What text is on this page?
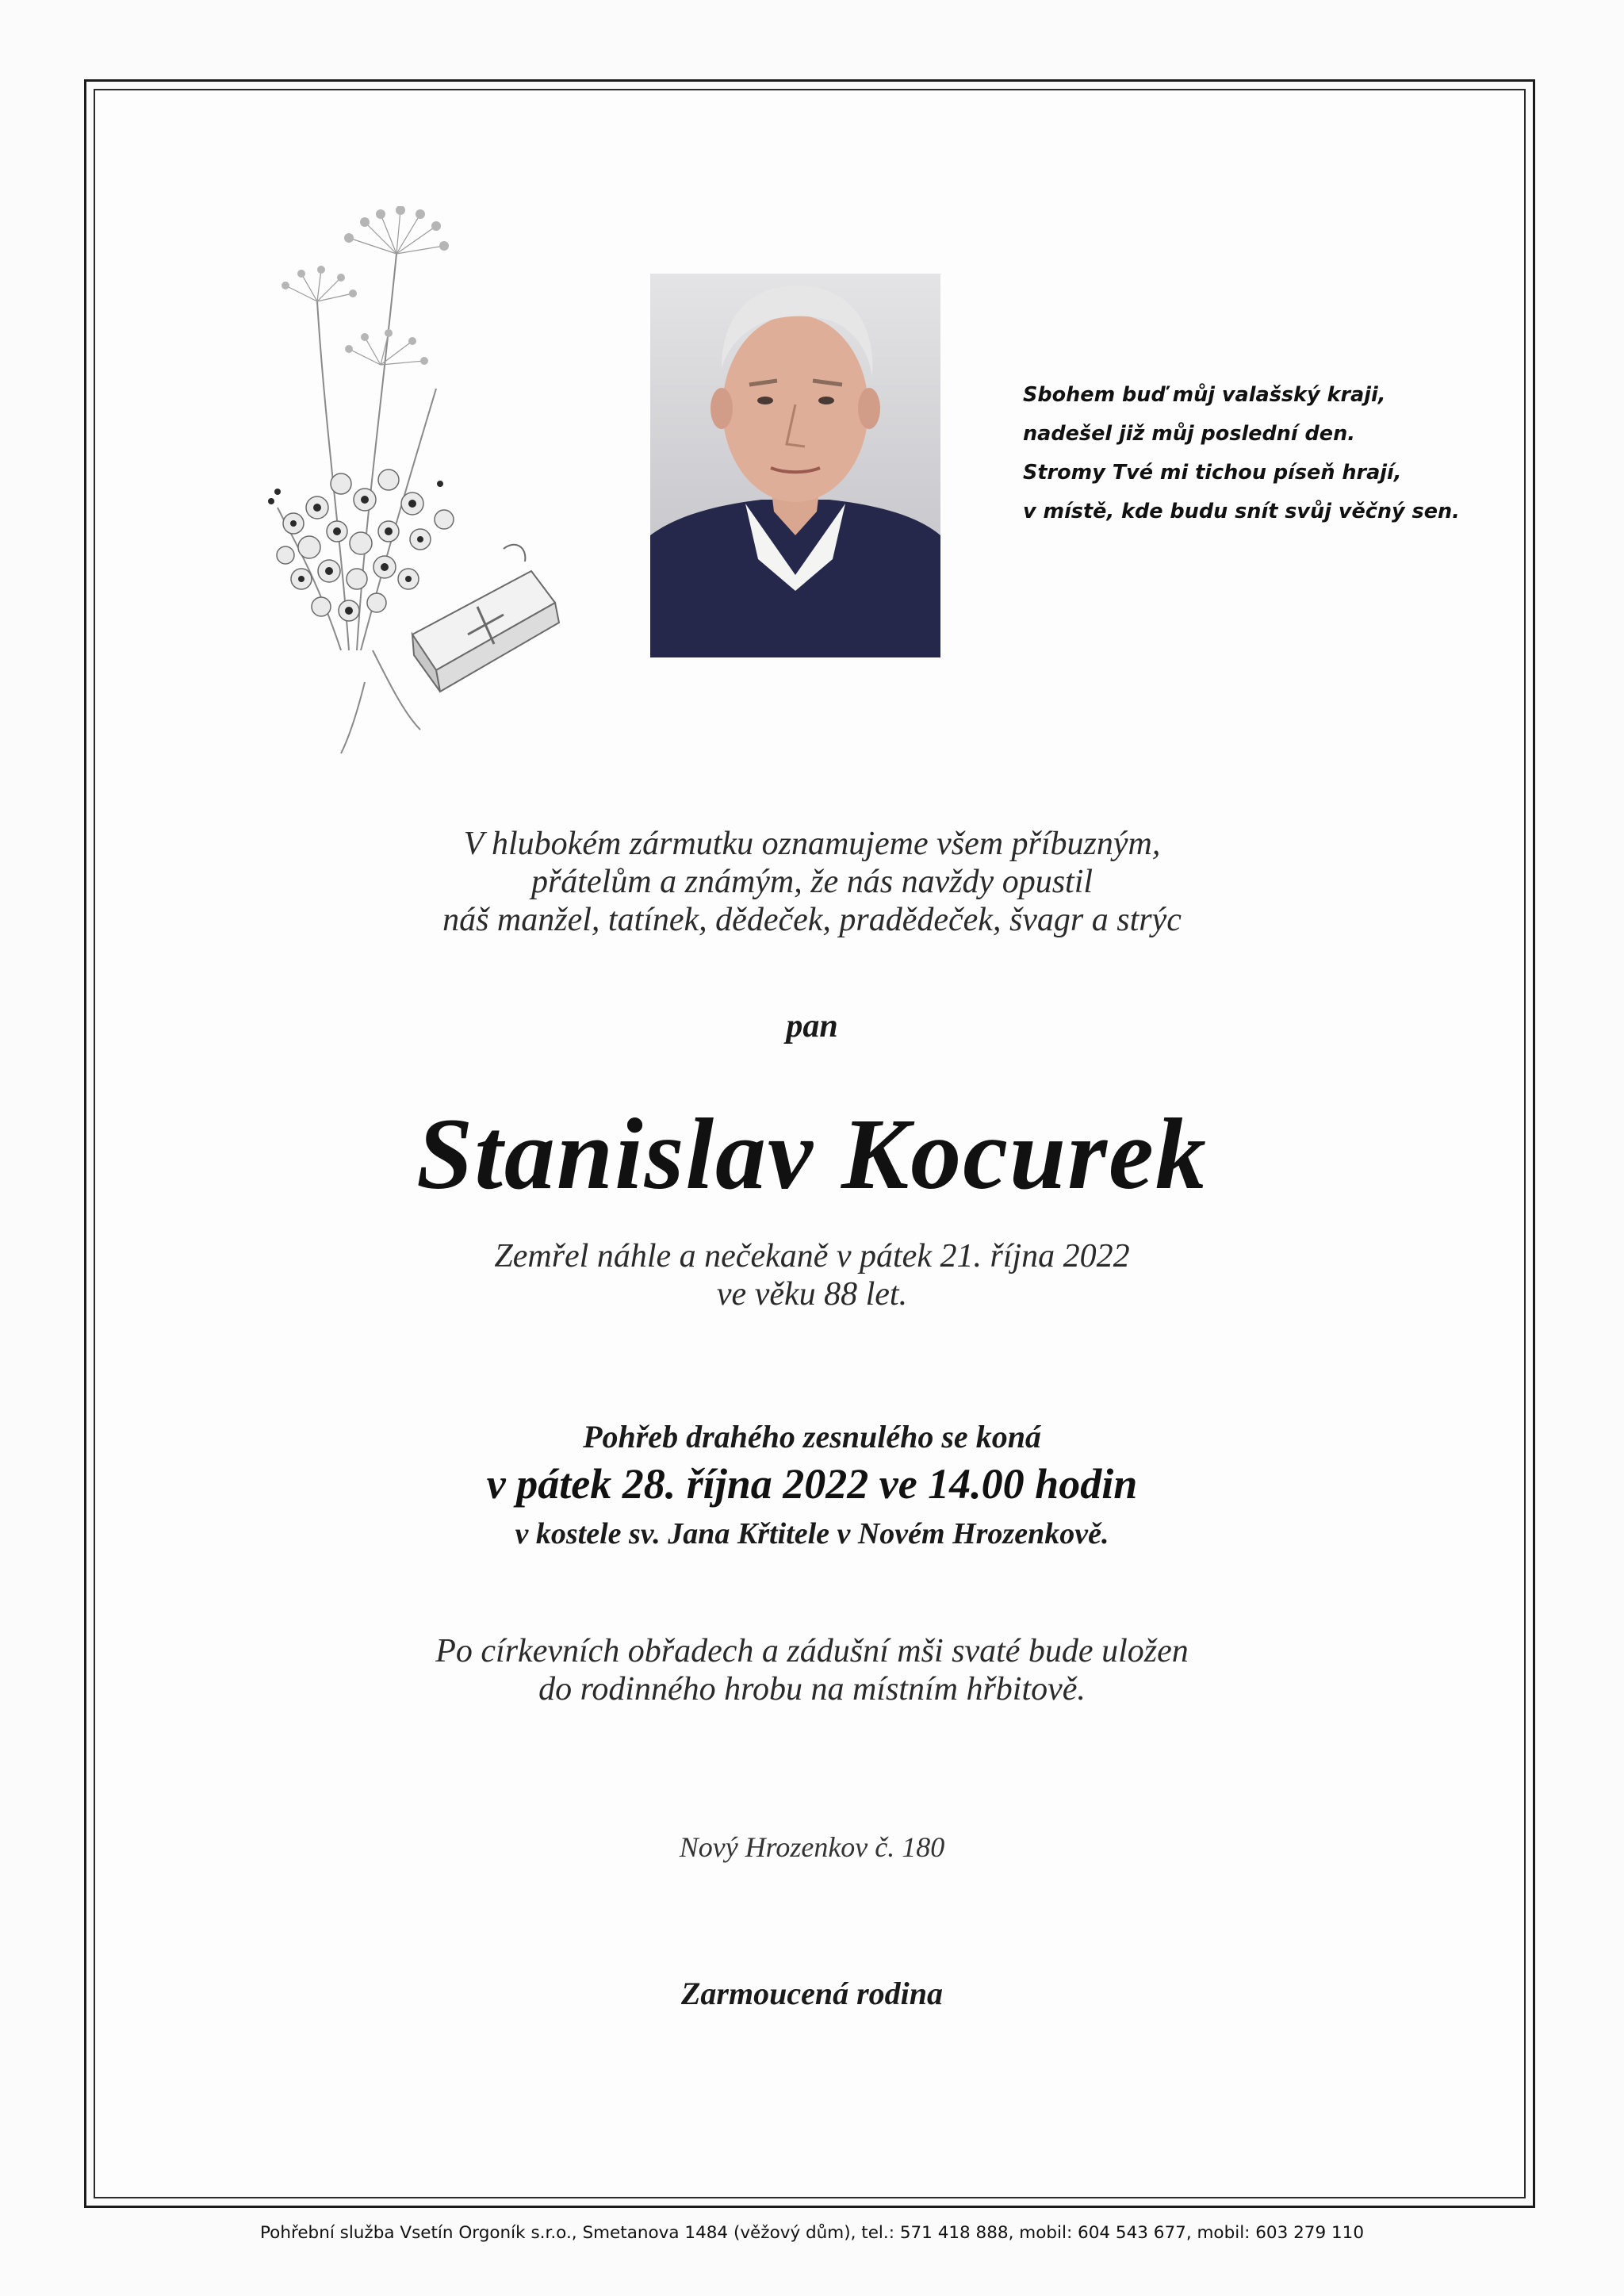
Sbohem buď můj valašský kraji,
nadešel již můj poslední den.
Stromy Tvé mi tichou píseň hrají,
v místě, kde budu snít svůj věčný sen.
V hlubokém zármutku oznamujeme všem příbuzným,
přátelům a známým, že nás navždy opustil
náš manžel, tatínek, dědeček, pradědeček, švagr a strýc
pan
Stanislav Kocurek
Zemřel náhle a nečekaně v pátek 21. října 2022
ve věku 88 let.
Pohřeb drahého zesnulého se koná
v pátek 28. října 2022 ve 14.00 hodin
v kostele sv. Jana Křtitele v Novém Hrozenkově.
Po církevních obřadech a zádušní mši svaté bude uložen
do rodinného hrobu na místním hřbitově.
Nový Hrozenkov č. 180
Zarmoucená rodina
Pohřební služba Vsetín Orgoník s.r.o., Smetanova 1484 (věžový dům), tel.: 571 418 888, mobil: 604 543 677, mobil: 603 279 110
